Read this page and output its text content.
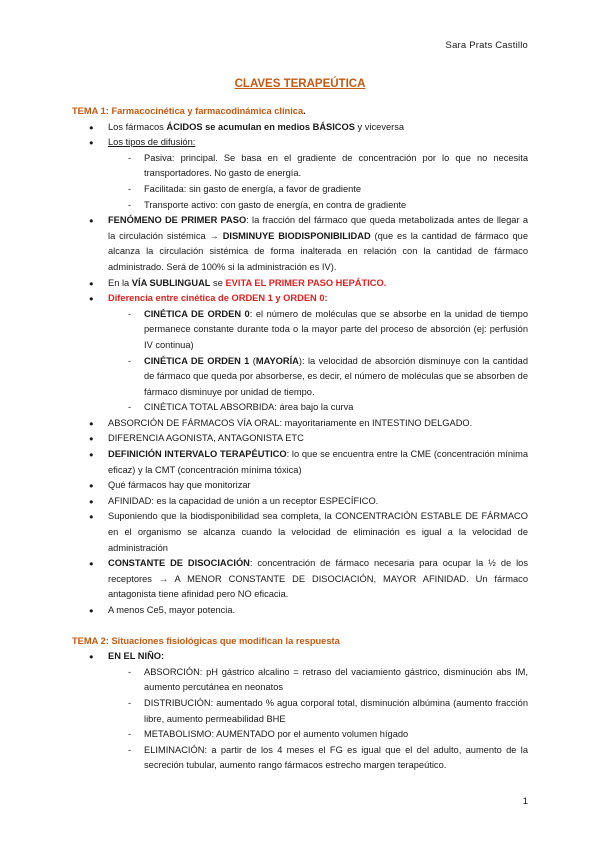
Sara Prats Castillo
CLAVES TERAPEÚTICA

TEMA 1: Farmacocinética y farmacodinámica clínica.

● Los fármacos ÁCIDOS se acumulan en medios BÁSICOS y viceversa
● Los tipos de difusión:
- Pasiva: principal. Se basa en el gradiente de concentración por lo que no necesita transportadores. No gasto de energía.
- Facilitada: sin gasto de energía, a favor de gradiente
- Transporte activo: con gasto de energía, en contra de gradiente
● FENÓMENO DE PRIMER PASO: la fracción del fármaco que queda metabolizada antes de llegar a la circulación sistémica → DISMINUYE BIODISPONIBILIDAD (que es la cantidad de fármaco que alcanza la circulación sistémica de forma inalterada en relación con la cantidad de fármaco administrado. Será de 100% si la administración es IV).
● En la VÍA SUBLINGUAL se EVITA EL PRIMER PASO HEPÁTICO.
● Diferencia entre cinética de ORDEN 1 y ORDEN 0:
- CINÉTICA DE ORDEN 0: el número de moléculas que se absorbe en la unidad de tiempo permanece constante durante toda o la mayor parte del proceso de absorción (ej: perfusión IV continua)
- CINÉTICA DE ORDEN 1 (MAYORÍA): la velocidad de absorción disminuye con la cantidad de fármaco que queda por absorberse, es decir, el número de moléculas que se absorben de fármaco disminuye por unidad de tiempo.
- CINÉTICA TOTAL ABSORBIDA: área bajo la curva
● ABSORCIÓN DE FÁRMACOS VÍA ORAL: mayoritariamente en INTESTINO DELGADO.
● DIFERENCIA AGONISTA, ANTAGONISTA ETC
● DEFINICIÓN INTERVALO TERAPÉUTICO: lo que se encuentra entre la CME (concentración mínima eficaz) y la CMT (concentración mínima tóxica)
● Qué fármacos hay que monitorizar
● AFINIDAD: es la capacidad de unión a un receptor ESPECÍFICO.
● Suponiendo que la biodisponibilidad sea completa, la CONCENTRACIÓN ESTABLE DE FÁRMACO en el organismo se alcanza cuando la velocidad de eliminación es igual a la velocidad de administración
● CONSTANTE DE DISOCIACIÓN: concentración de fármaco necesaria para ocupar la ½ de los receptores → A MENOR CONSTANTE DE DISOCIACIÓN, MAYOR AFINIDAD. Un fármaco antagonista tiene afinidad pero NO eficacia.
● A menos Ce5, mayor potencia.

TEMA 2: Situaciones fisiológicas que modifican la respuesta

● EN EL NIÑO:
- ABSORCIÓN: pH gástrico alcalino = retraso del vaciamiento gástrico, disminución abs IM, aumento percutánea en neonatos
- DISTRIBUCIÓN: aumentado % agua corporal total, disminución albúmina (aumento fracción libre, aumento permeabilidad BHE
- METABOLISMO: AUMENTADO por el aumento volumen hígado
- ELIMINACIÓN: a partir de los 4 meses el FG es igual que el del adulto, aumento de la secreción tubular, aumento rango fármacos estrecho margen terapeútico.
1
